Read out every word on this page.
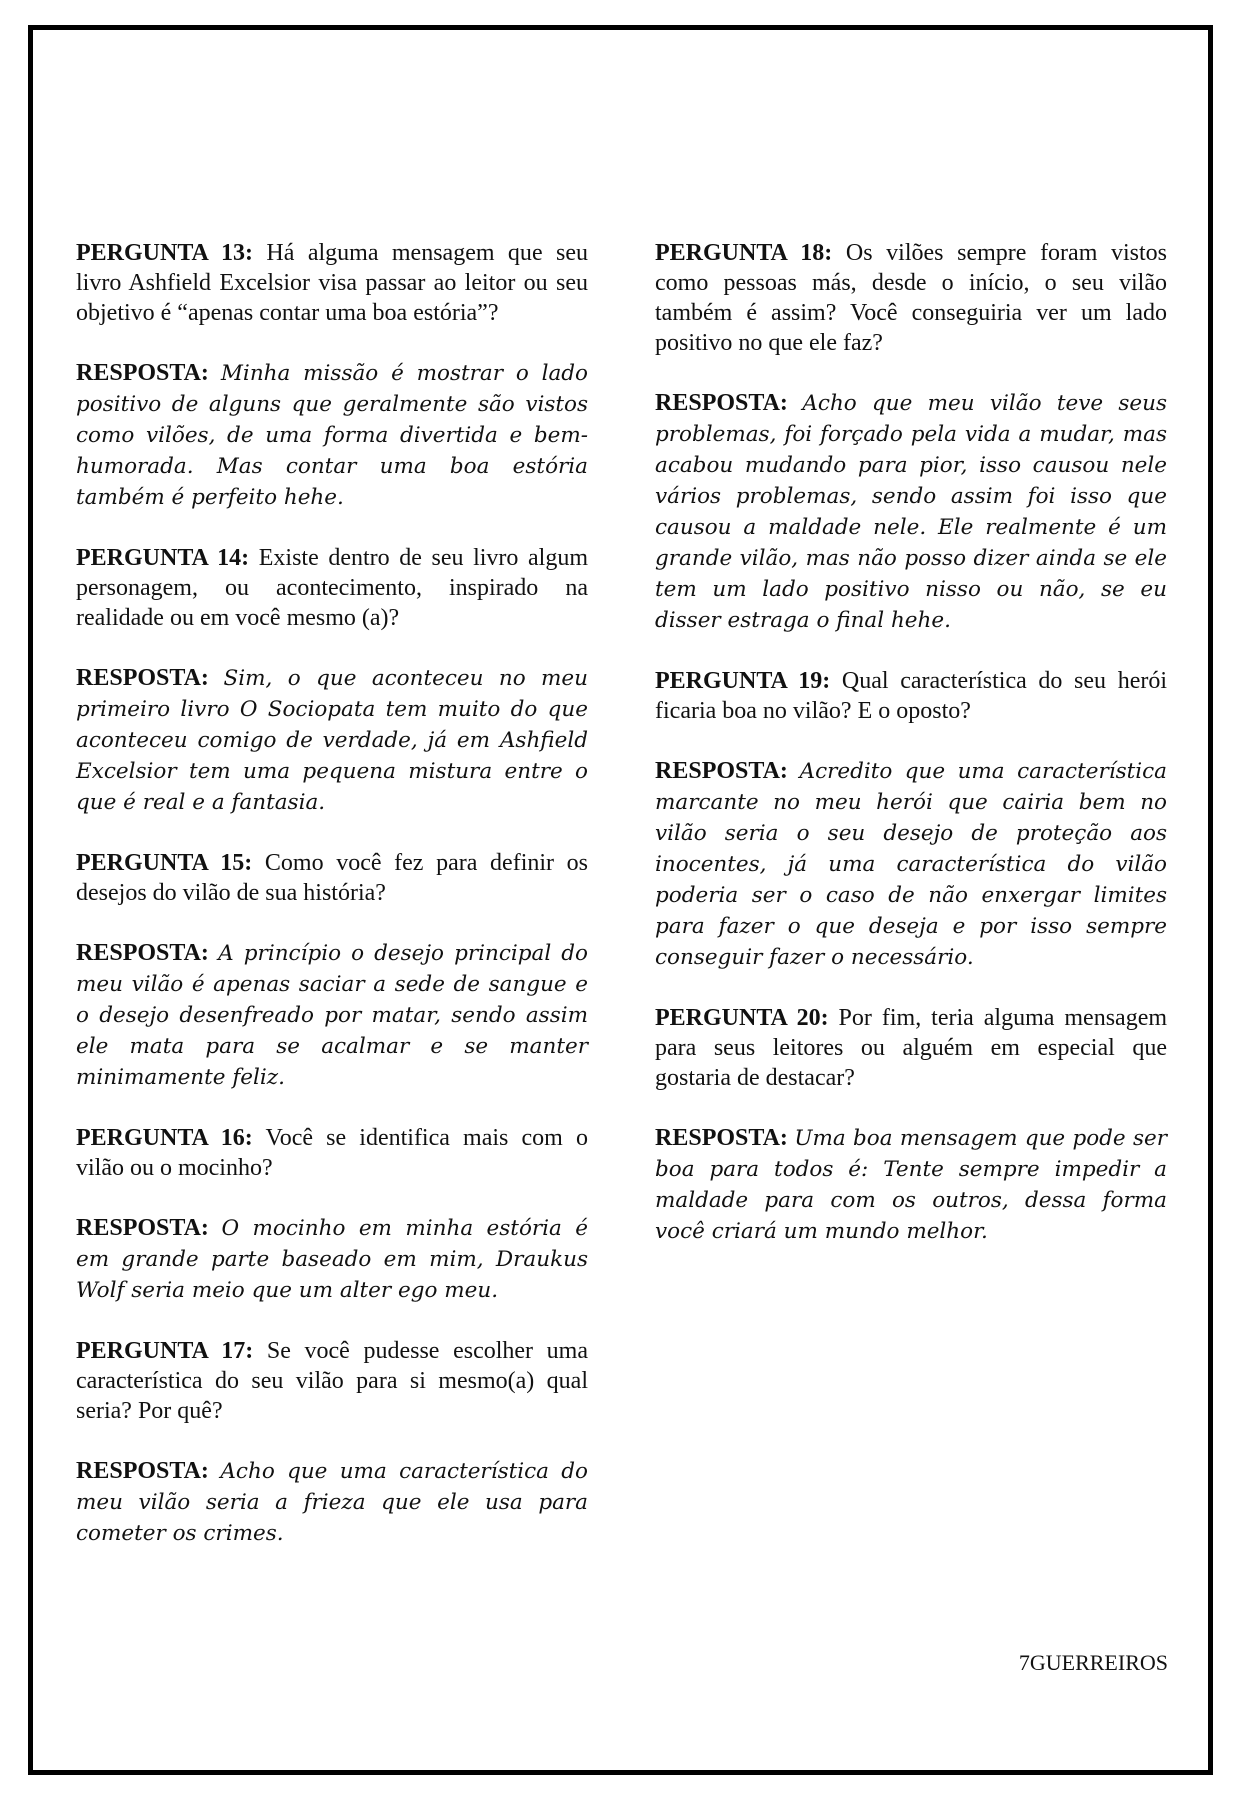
PERGUNTA 13: Há alguma mensagem que seu livro Ashfield Excelsior visa passar ao leitor ou seu objetivo é “apenas contar uma boa estória”?

RESPOSTA: Minha missão é mostrar o lado positivo de alguns que geralmente são vistos como vilões, de uma forma divertida e bem-humorada. Mas contar uma boa estória também é perfeito hehe.

PERGUNTA 14: Existe dentro de seu livro algum personagem, ou acontecimento, inspirado na realidade ou em você mesmo (a)?

RESPOSTA: Sim, o que aconteceu no meu primeiro livro O Sociopata tem muito do que aconteceu comigo de verdade, já em Ashfield Excelsior tem uma pequena mistura entre o que é real e a fantasia.

PERGUNTA 15: Como você fez para definir os desejos do vilão de sua história?

RESPOSTA: A princípio o desejo principal do meu vilão é apenas saciar a sede de sangue e o desejo desenfreado por matar, sendo assim ele mata para se acalmar e se manter minimamente feliz.

PERGUNTA 16: Você se identifica mais com o vilão ou o mocinho?

RESPOSTA: O mocinho em minha estória é em grande parte baseado em mim, Draukus Wolf seria meio que um alter ego meu.

PERGUNTA 17: Se você pudesse escolher uma característica do seu vilão para si mesmo(a) qual seria? Por quê?

RESPOSTA: Acho que uma característica do meu vilão seria a frieza que ele usa para cometer os crimes.

PERGUNTA 18: Os vilões sempre foram vistos como pessoas más, desde o início, o seu vilão também é assim? Você conseguiria ver um lado positivo no que ele faz?

RESPOSTA: Acho que meu vilão teve seus problemas, foi forçado pela vida a mudar, mas acabou mudando para pior, isso causou nele vários problemas, sendo assim foi isso que causou a maldade nele. Ele realmente é um grande vilão, mas não posso dizer ainda se ele tem um lado positivo nisso ou não, se eu disser estraga o final hehe.

PERGUNTA 19: Qual característica do seu herói ficaria boa no vilão? E o oposto?

RESPOSTA: Acredito que uma característica marcante no meu herói que cairia bem no vilão seria o seu desejo de proteção aos inocentes, já uma característica do vilão poderia ser o caso de não enxergar limites para fazer o que deseja e por isso sempre conseguir fazer o necessário.

PERGUNTA 20: Por fim, teria alguma mensagem para seus leitores ou alguém em especial que gostaria de destacar?

RESPOSTA: Uma boa mensagem que pode ser boa para todos é: Tente sempre impedir a maldade para com os outros, dessa forma você criará um mundo melhor.

7GUERREIROS
